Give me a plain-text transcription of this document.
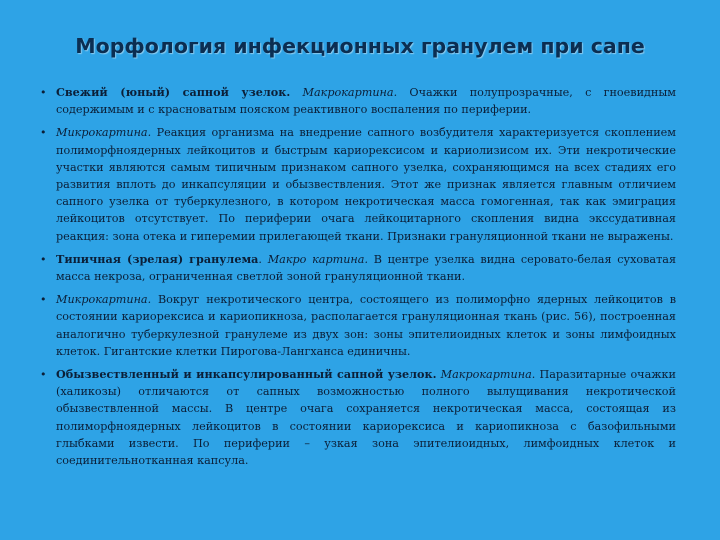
Морфология инфекционных гранулем при сапе
• Свежий (юный) сапной узелок. Макрокартина. Очажки полупрозрачные, с гноевидным содержимым и с красноватым пояском реактивного воспаления по периферии.
• Микрокартина. Реакция организма на внедрение сапного возбудителя характеризуется скоплением полиморфноядерных лейкоцитов и быстрым кариорексисом и кариолизисом их. Эти некротические участки являются самым типичным признаком сапного узелка, сохраняющимся на всех стадиях его развития вплоть до инкапсуляции и обызвествления. Этот же признак является главным отличием сапного узелка от туберкулезного, в котором некротическая масса гомогенная, так как эмиграция лейкоцитов отсутствует. По периферии очага лейкоцитарного скопления видна экссудативная реакция: зона отека и гиперемии прилегающей ткани. Признаки грануляционной ткани не выражены.
• Типичная (зрелая) гранулема. Макро картина. В центре узелка видна серовато-белая суховатая масса некроза, ограниченная светлой зоной грануляционной ткани.
• Микрокартина. Вокруг некротического центра, состоящего из полиморфно ядерных лейкоцитов в состоянии кариорексиса и кариопикноза, располагается грануляционная ткань (рис. 56), построенная аналогично туберкулезной гранулеме из двух зон: зоны эпителиоидных клеток и зоны лимфоидных клеток. Гигантские клетки Пирогова-Лангханса единичны.
• Обызвествленный и инкапсулированный сапной узелок. Макрокартина. Паразитарные очажки (халикозы) отличаются от сапных возможностью полного вылущивания некротической обызвествленной массы. В центре очага сохраняется некротическая масса, состоящая из полиморфноядерных лейкоцитов в состоянии кариорексиса и кариопикноза с базофильными глыбками извести. По периферии – узкая зона эпителиоидных, лимфоидных клеток и соединительнотканная капсула.
